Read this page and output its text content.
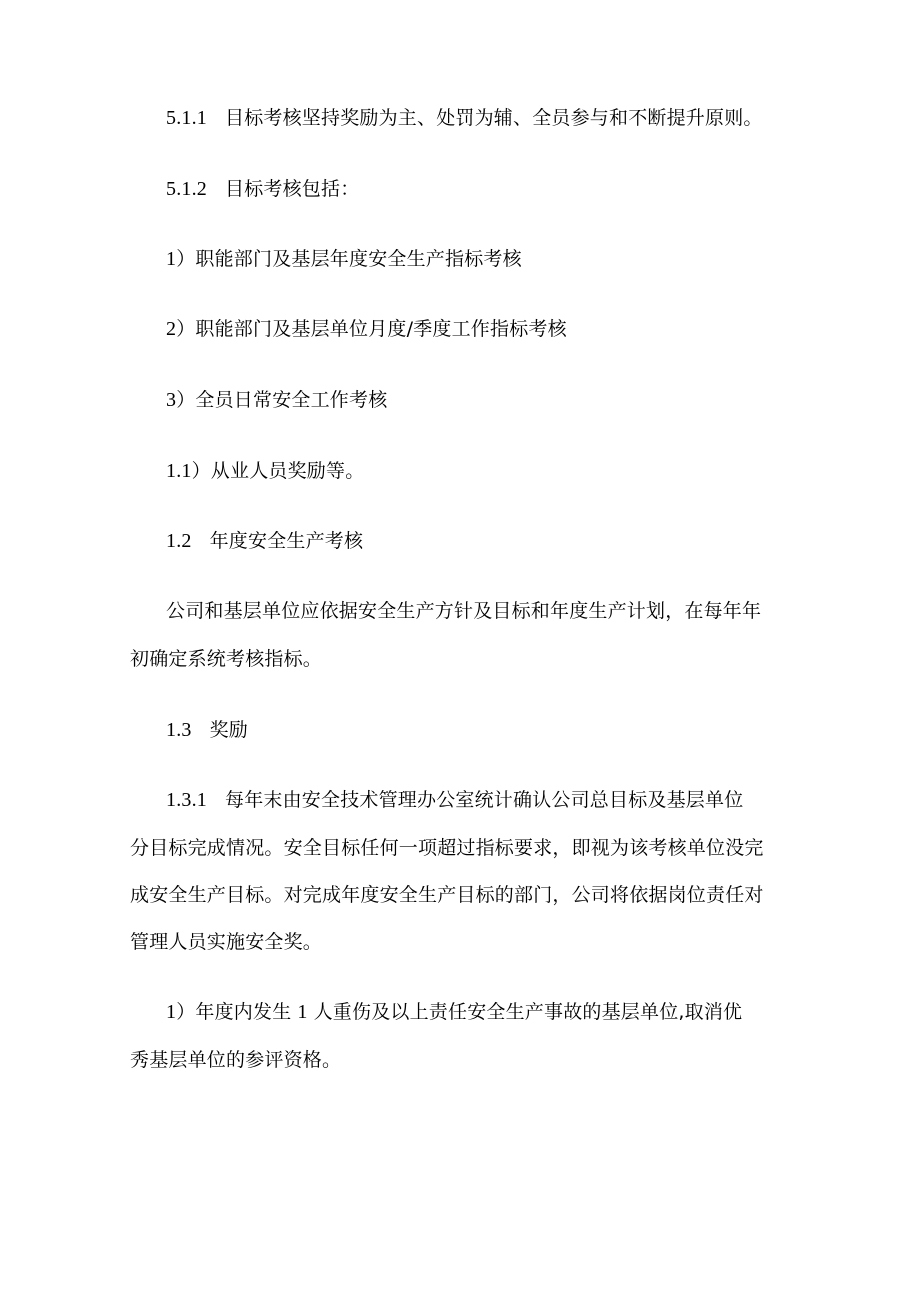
5.1.1 目标考核坚持奖励为主、处罚为辅、全员参与和不断提升原则。
5.1.2 目标考核包括：
1）职能部门及基层年度安全生产指标考核
2）职能部门及基层单位月度/季度工作指标考核
3）全员日常安全工作考核
1.1）从业人员奖励等。
1.2 年度安全生产考核
公司和基层单位应依据安全生产方针及目标和年度生产计划，在每年年
初确定系统考核指标。
1.3 奖励
1.3.1 每年末由安全技术管理办公室统计确认公司总目标及基层单位
分目标完成情况。安全目标任何一项超过指标要求，即视为该考核单位没完
成安全生产目标。对完成年度安全生产目标的部门，公司将依据岗位责任对
管理人员实施安全奖。
1）年度内发生 1 人重伤及以上责任安全生产事故的基层单位,取消优
秀基层单位的参评资格。
